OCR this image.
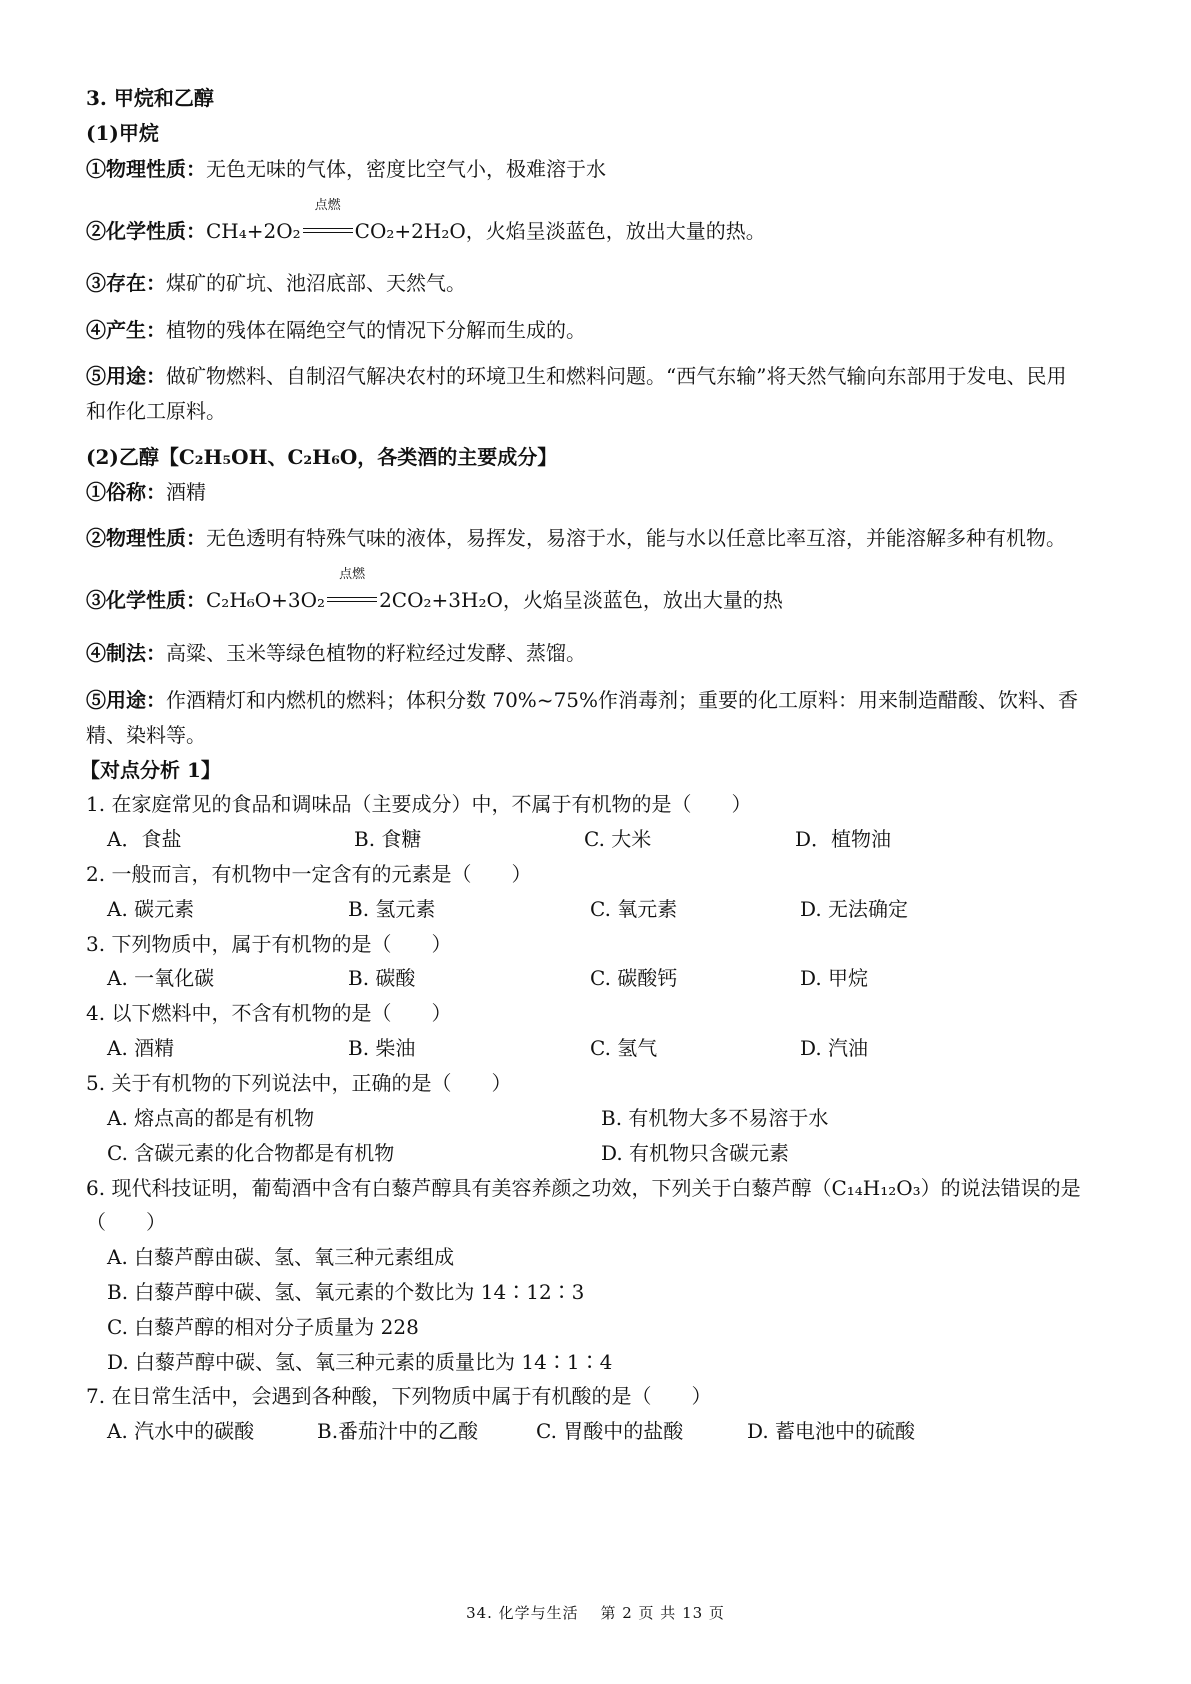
3. 甲烷和乙醇
(1)甲烷
①物理性质：无色无味的气体，密度比空气小，极难溶于水
②化学性质：CH₄+2O₂
点燃
CO₂+2H₂O，火焰呈淡蓝色，放出大量的热。
③存在：煤矿的矿坑、池沼底部、天然气。
④产生：植物的残体在隔绝空气的情况下分解而生成的。
⑤用途：做矿物燃料、自制沼气解决农村的环境卫生和燃料问题。“西气东输”将天然气输向东部用于发电、民用
和作化工原料。
(2)乙醇【C₂H₅OH、C₂H₆O，各类酒的主要成分】
①俗称：酒精
②物理性质：无色透明有特殊气味的液体，易挥发，易溶于水，能与水以任意比率互溶，并能溶解多种有机物。
③化学性质：C₂H₆O+3O₂
点燃
2CO₂+3H₂O，火焰呈淡蓝色，放出大量的热
④制法：高粱、玉米等绿色植物的籽粒经过发酵、蒸馏。
⑤用途：作酒精灯和内燃机的燃料；体积分数 70%~75%作消毒剂；重要的化工原料：用来制造醋酸、饮料、香
精、染料等。
【对点分析 1】
1. 在家庭常见的食品和调味品（主要成分）中，不属于有机物的是（　　）
A．食盐	B. 食糖	C. 大米	D．植物油
2. 一般而言，有机物中一定含有的元素是（　　）
A. 碳元素	B. 氢元素	C. 氧元素	D. 无法确定
3. 下列物质中，属于有机物的是（　　）
A. 一氧化碳	B. 碳酸	C. 碳酸钙	D. 甲烷
4. 以下燃料中，不含有机物的是（　　）
A. 酒精	B. 柴油	C. 氢气	D. 汽油
5. 关于有机物的下列说法中，正确的是（　　）
A. 熔点高的都是有机物	B. 有机物大多不易溶于水
C. 含碳元素的化合物都是有机物	D. 有机物只含碳元素
6. 现代科技证明，葡萄酒中含有白藜芦醇具有美容养颜之功效，下列关于白藜芦醇（C₁₄H₁₂O₃）的说法错误的是
（　　）
A. 白藜芦醇由碳、氢、氧三种元素组成
B. 白藜芦醇中碳、氢、氧元素的个数比为 14∶12∶3
C. 白藜芦醇的相对分子质量为 228
D. 白藜芦醇中碳、氢、氧三种元素的质量比为 14∶1∶4
7. 在日常生活中，会遇到各种酸，下列物质中属于有机酸的是（　　）
A. 汽水中的碳酸	B.番茄汁中的乙酸	C. 胃酸中的盐酸	D. 蓄电池中的硫酸
34. 化学与生活　 第 2 页 共 13 页
